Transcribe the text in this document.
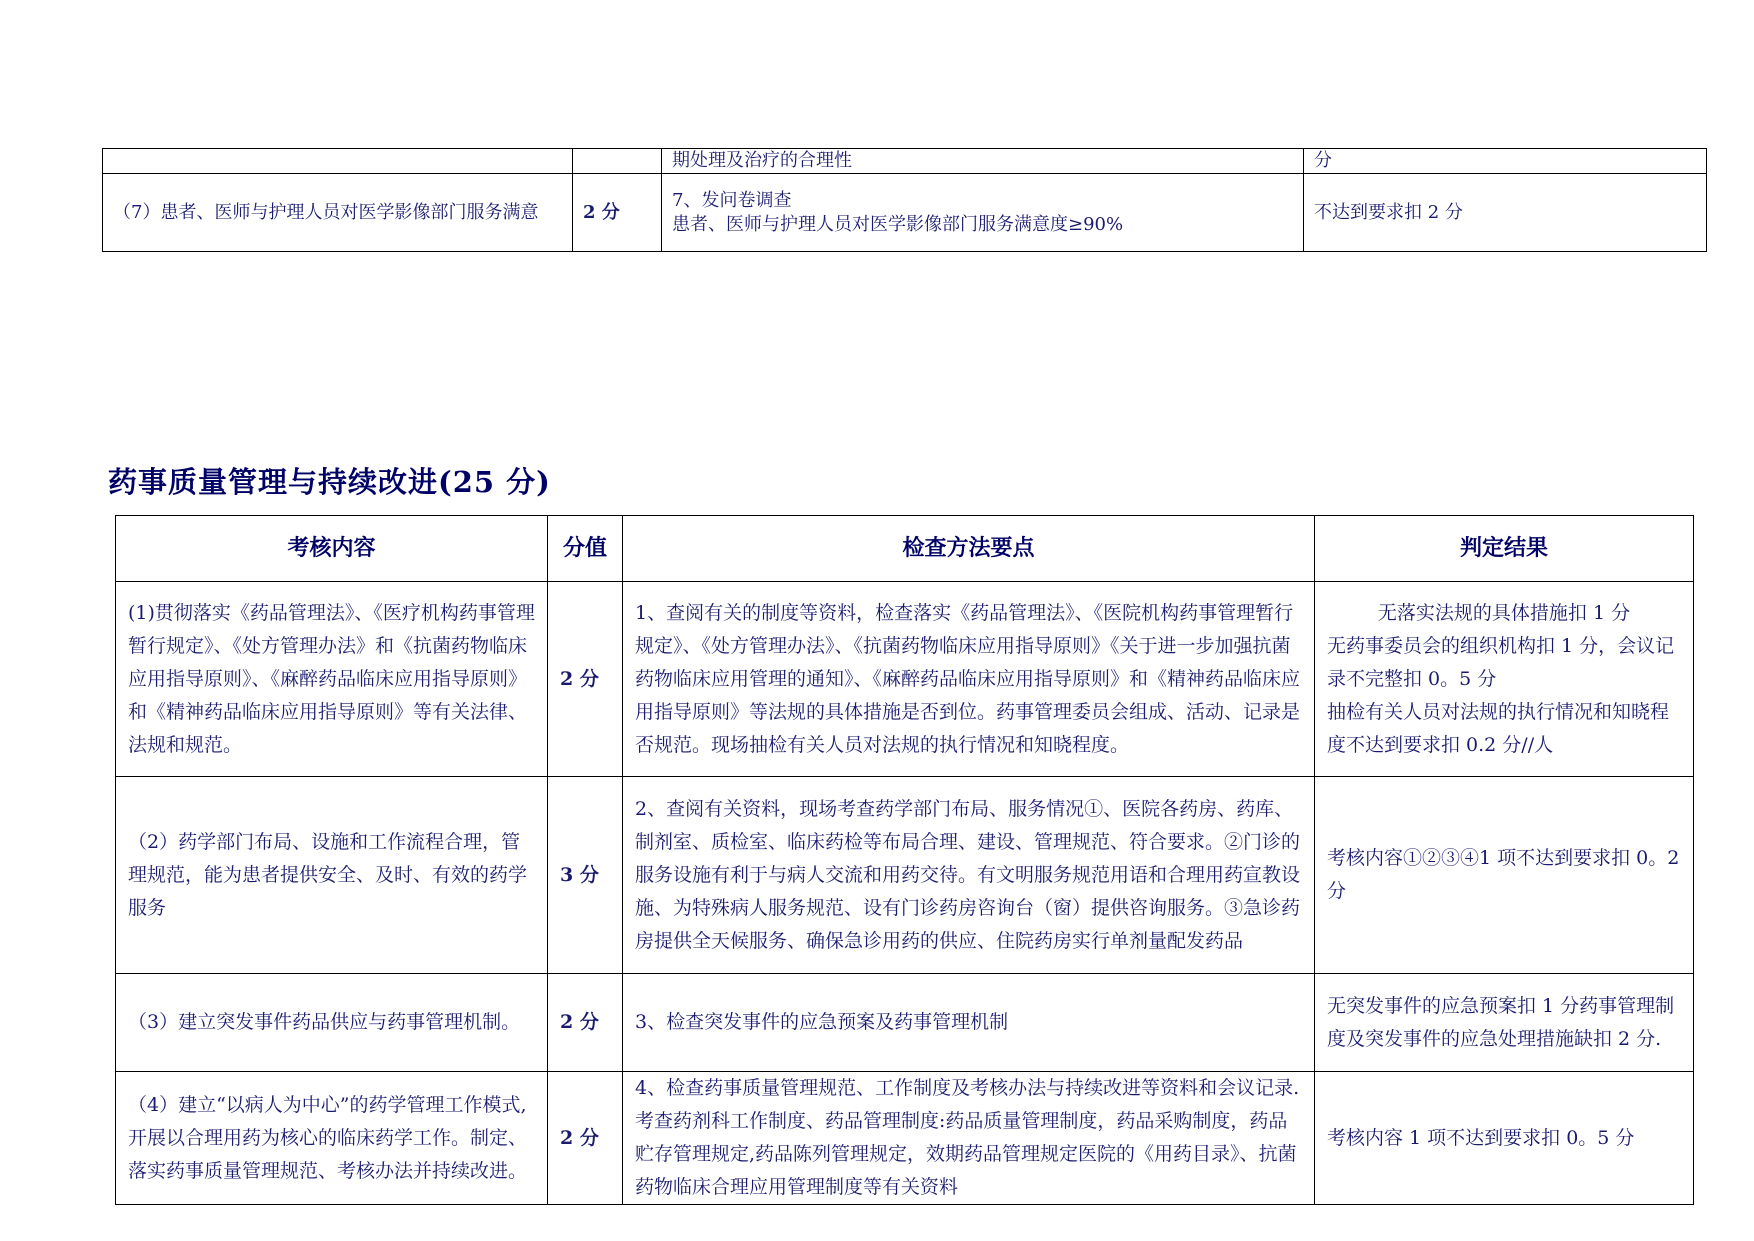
		期处理及治疗的合理性	分
（7）患者、医师与护理人员对医学影像部门服务满意	2 分	7、发问卷调查
患者、医师与护理人员对医学影像部门服务满意度≥90%	不达到要求扣 2 分
药事质量管理与持续改进(25 分)
考核内容	分值	检查方法要点	判定结果
(1)贯彻落实《药品管理法》、《医疗机构药事管理暂行规定》、《处方管理办法》和《抗菌药物临床应用指导原则》、《麻醉药品临床应用指导原则》和《精神药品临床应用指导原则》等有关法律、法规和规范。	2 分	1、查阅有关的制度等资料，检查落实《药品管理法》、《医院机构药事管理暂行规定》、《处方管理办法》、《抗菌药物临床应用指导原则》《关于进一步加强抗菌药物临床应用管理的通知》、《麻醉药品临床应用指导原则》和《精神药品临床应用指导原则》等法规的具体措施是否到位。药事管理委员会组成、活动、记录是否规范。现场抽检有关人员对法规的执行情况和知晓程度。	无落实法规的具体措施扣 1 分
无药事委员会的组织机构扣 1 分，会议记录不完整扣 0。5 分
抽检有关人员对法规的执行情况和知晓程度不达到要求扣 0.2 分//人

（2）药学部门布局、设施和工作流程合理，管理规范，能为患者提供安全、及时、有效的药学服务	3 分	2、查阅有关资料，现场考查药学部门布局、服务情况①、医院各药房、药库、制剂室、质检室、临床药检等布局合理、建设、管理规范、符合要求。②门诊的服务设施有利于与病人交流和用药交待。有文明服务规范用语和合理用药宣教设施、为特殊病人服务规范、设有门诊药房咨询台（窗）提供咨询服务。③急诊药房提供全天候服务、确保急诊用药的供应、住院药房实行单剂量配发药品	考核内容①②③④1 项不达到要求扣 0。2 分
（3）建立突发事件药品供应与药事管理机制。	2 分	3、检查突发事件的应急预案及药事管理机制	无突发事件的应急预案扣 1 分药事管理制度及突发事件的应急处理措施缺扣 2 分.
（4）建立“以病人为中心”的药学管理工作模式,开展以合理用药为核心的临床药学工作。制定、落实药事质量管理规范、考核办法并持续改进。	2 分	4、检查药事质量管理规范、工作制度及考核办法与持续改进等资料和会议记录.考查药剂科工作制度、药品管理制度:药品质量管理制度，药品采购制度，药品贮存管理规定,药品陈列管理规定，效期药品管理规定医院的《用药目录》、抗菌药物临床合理应用管理制度等有关资料	考核内容 1 项不达到要求扣 0。5 分
